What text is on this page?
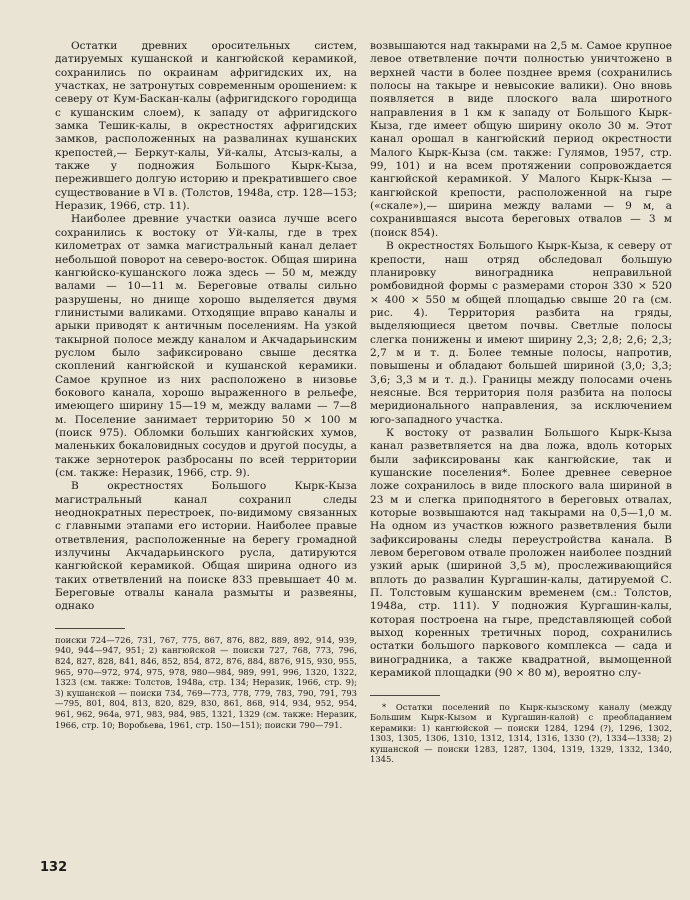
Остатки древних оросительных систем, датируемых кушанской и кангюйской керамикой, сохранились по окраинам афригидских их, на участках, не затронутых современным орошением: к северу от Кум-Баскан-калы (афригидского городища с кушанским слоем), к западу от афригидского замка Тешик-калы, в окрестностях афригидских замков, расположенных на развалинах кушанских крепостей,— Беркут-калы, Уй-калы, Атсыз-калы, а также у подножия Большого Кырк-Кыза, пережившего долгую историю и прекратившего свое существование в VI в. (Толстов, 1948а, стр. 128—153; Неразик, 1966, стр. 11).

Наиболее древние участки оазиса лучше всего сохранились к востоку от Уй-калы, где в трех километрах от замка магистральный канал делает небольшой поворот на северо-восток. Общая ширина кангюйско-кушанского ложа здесь — 50 м, между валами — 10—11 м. Береговые отвалы сильно разрушены, но днище хорошо выделяется двумя глинистыми валиками. Отходящие вправо каналы и арыки приводят к античным поселениям. На узкой такырной полосе между каналом и Акчадарьинским руслом было зафиксировано свыше десятка скоплений кангюйской и кушанской керамики. Самое крупное из них расположено в низовье бокового канала, хорошо выраженного в рельефе, имеющего ширину 15—19 м, между валами — 7—8 м. Поселение занимает территорию 50 × 100 м (поиск 975). Обломки больших кангюйских хумов, маленьких бокаловидных сосудов и другой посуды, а также зернотерок разбросаны по всей территории (см. также: Неразик, 1966, стр. 9).

В окрестностях Большого Кырк-Кыза магистральный канал сохранил следы неоднократных перестроек, по-видимому связанных с главными этапами его истории. Наиболее правые ответвления, расположенные на берегу громадной излучины Акчадарьинского русла, датируются кангюйской керамикой. Общая ширина одного из таких ответвлений на поиске 833 превышает 40 м. Береговые отвалы канала размыты и развеяны, однако

поиски 724—726, 731, 767, 775, 867, 876, 882, 889, 892, 914, 939, 940, 944—947, 951; 2) кангюйской — поиски 727, 768, 773, 796, 824, 827, 828, 841, 846, 852, 854, 872, 876, 884, 8876, 915, 930, 955, 965, 970—972, 974, 975, 978, 980—984, 989, 991, 996, 1320, 1322, 1323 (см. также: Толстов, 1948а, стр. 134; Неразик, 1966, стр. 9); 3) кушанской — поиски 734, 769—773, 778, 779, 783, 790, 791, 793—795, 801, 804, 813, 820, 829, 830, 861, 868, 914, 934, 952, 954, 961, 962, 964а, 971, 983, 984, 985, 1321, 1329 (см. также: Неразик, 1966, стр. 10; Воробьева, 1961, стр. 150—151); поиски 790—791.

возвышаются над такырами на 2,5 м. Самое крупное левое ответвление почти полностью уничтожено в верхней части в более позднее время (сохранились полосы на такыре и невысокие валики). Оно вновь появляется в виде плоского вала широтного направления в 1 км к западу от Большого Кырк-Кыза, где имеет общую ширину около 30 м. Этот канал орошал в кангюйский период окрестности Малого Кырк-Кыза (см. также: Гулямов, 1957, стр. 99, 101) и на всем протяжении сопровождается кангюйской керамикой. У Малого Кырк-Кыза — кангюйской крепости, расположенной на гыре («скале»),— ширина между валами — 9 м, а сохранившаяся высота береговых отвалов — 3 м (поиск 854).

В окрестностях Большого Кырк-Кыза, к северу от крепости, наш отряд обследовал большую планировку виноградника неправильной ромбовидной формы с размерами сторон 330 × 520 × 400 × 550 м общей площадью свыше 20 га (см. рис. 4). Территория разбита на гряды, выделяющиеся цветом почвы. Светлые полосы слегка понижены и имеют ширину 2,3; 2,8; 2,6; 2,3; 2,7 м и т. д. Более темные полосы, напротив, повышены и обладают большей шириной (3,0; 3,3; 3,6; 3,3 м и т. д.). Границы между полосами очень неясные. Вся территория поля разбита на полосы меридионального направления, за исключением юго-западного участка.

К востоку от развалин Большого Кырк-Кыза канал разветвляется на два ложа, вдоль которых были зафиксированы как кангюйские, так и кушанские поселения*. Более древнее северное ложе сохранилось в виде плоского вала шириной в 23 м и слегка приподнятого в береговых отвалах, которые возвышаются над такырами на 0,5—1,0 м. На одном из участков южного разветвления были зафиксированы следы переустройства канала. В левом береговом отвале проложен наиболее поздний узкий арык (шириной 3,5 м), прослеживающийся вплоть до развалин Кургашин-калы, датируемой С. П. Толстовым кушанским временем (см.: Толстов, 1948а, стр. 111). У подножия Кургашин-калы, которая построена на гыре, представляющей собой выход коренных третичных пород, сохранились остатки большого паркового комплекса — сада и виноградника, а также квадратной, вымощенной керамикой площадки (90 × 80 м), вероятно слу-

* Остатки поселений по Кырк-кызскому каналу (между Большим Кырк-Кызом и Кургашин-калой) с преобладанием керамики: 1) кангюйской — поиски 1284, 1294 (?), 1296, 1302, 1303, 1305, 1306, 1310, 1312, 1314, 1316, 1330 (?), 1334—1338; 2) кушанской — поиски 1283, 1287, 1304, 1319, 1329, 1332, 1340, 1345.

132
